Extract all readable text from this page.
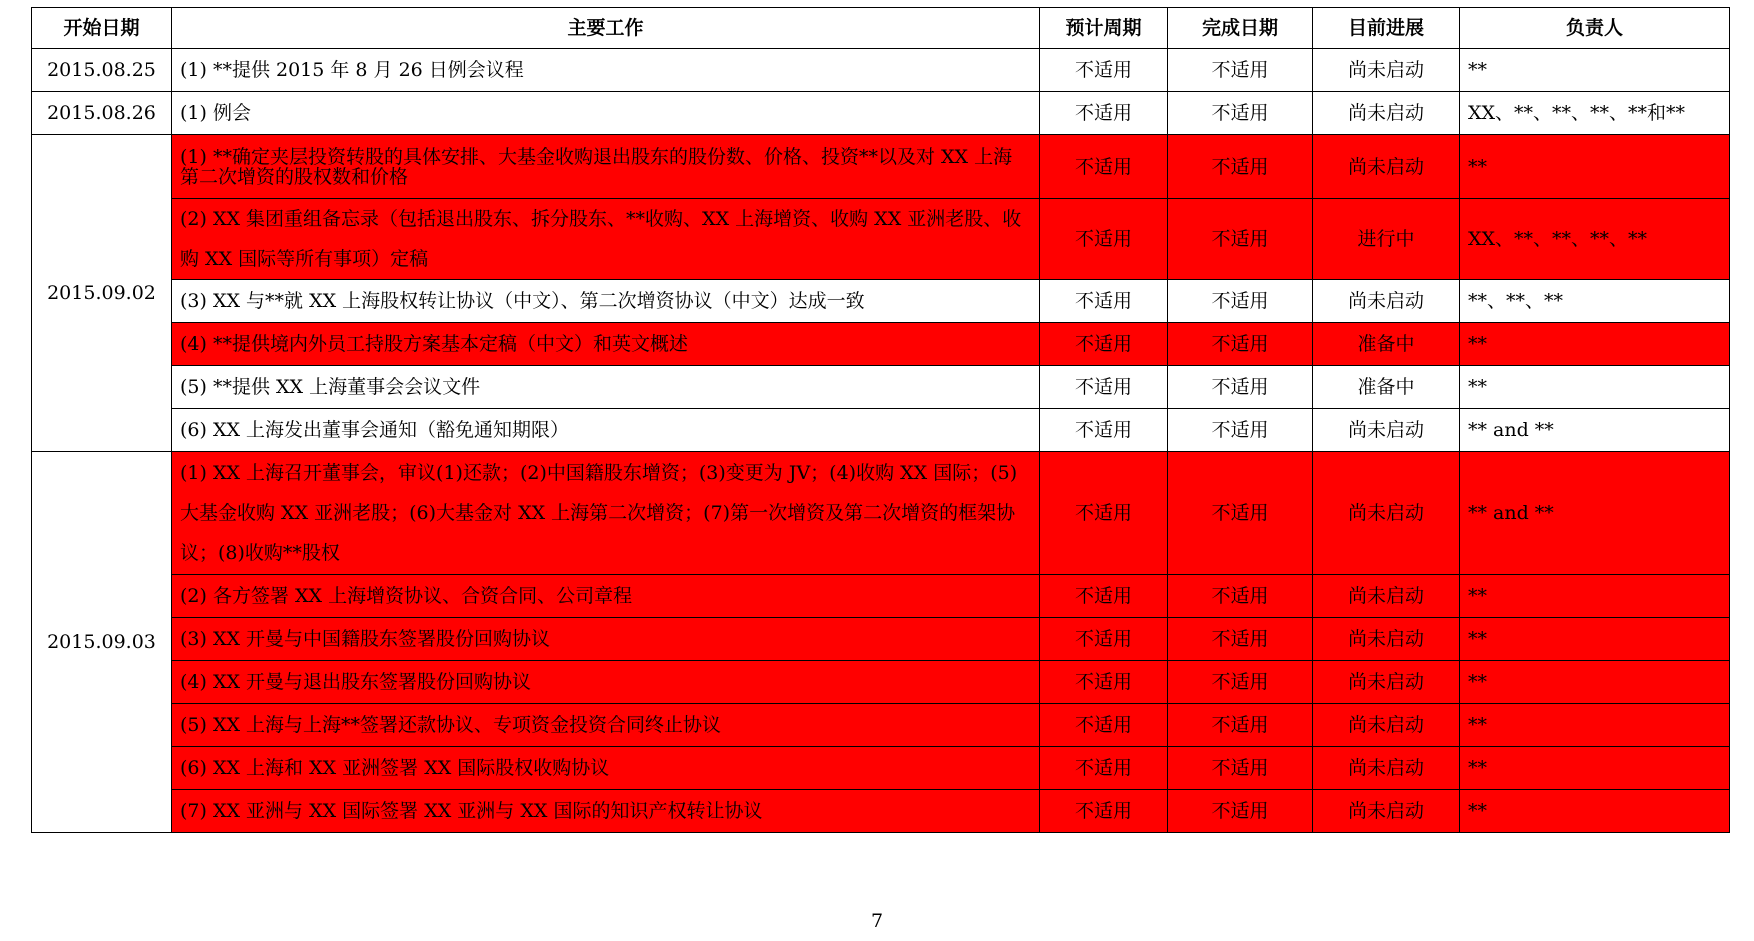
开始日期	主要工作	预计周期	完成日期	目前进展	负责人
2015.08.25	(1) **提供 2015 年 8 月 26 日例会议程	不适用	不适用	尚未启动	**
2015.08.26	(1) 例会	不适用	不适用	尚未启动	XX、**、**、**、**和**
2015.09.02	(1) **确定夹层投资转股的具体安排、大基金收购退出股东的股份数、价格、投资**以及对 XX 上海第二次增资的股权数和价格	不适用	不适用	尚未启动	**
	(2) XX 集团重组备忘录（包括退出股东、拆分股东、**收购、XX 上海增资、收购 XX 亚洲老股、收购 XX 国际等所有事项）定稿	不适用	不适用	进行中	XX、**、**、**、**
	(3) XX 与**就 XX 上海股权转让协议（中文）、第二次增资协议（中文）达成一致	不适用	不适用	尚未启动	**、**、**
	(4) **提供境内外员工持股方案基本定稿（中文）和英文概述	不适用	不适用	准备中	**
	(5) **提供 XX 上海董事会会议文件	不适用	不适用	准备中	**
	(6) XX 上海发出董事会通知（豁免通知期限）	不适用	不适用	尚未启动	** and **
2015.09.03	(1) XX 上海召开董事会，审议(1)还款；(2)中国籍股东增资；(3)变更为 JV；(4)收购 XX 国际；(5)大基金收购 XX 亚洲老股；(6)大基金对 XX 上海第二次增资；(7)第一次增资及第二次增资的框架协议；(8)收购**股权	不适用	不适用	尚未启动	** and **
	(2) 各方签署 XX 上海增资协议、合资合同、公司章程	不适用	不适用	尚未启动	**
	(3) XX 开曼与中国籍股东签署股份回购协议	不适用	不适用	尚未启动	**
	(4) XX 开曼与退出股东签署股份回购协议	不适用	不适用	尚未启动	**
	(5) XX 上海与上海**签署还款协议、专项资金投资合同终止协议	不适用	不适用	尚未启动	**
	(6) XX 上海和 XX 亚洲签署 XX 国际股权收购协议	不适用	不适用	尚未启动	**
	(7) XX 亚洲与 XX 国际签署 XX 亚洲与 XX 国际的知识产权转让协议	不适用	不适用	尚未启动	**
7
